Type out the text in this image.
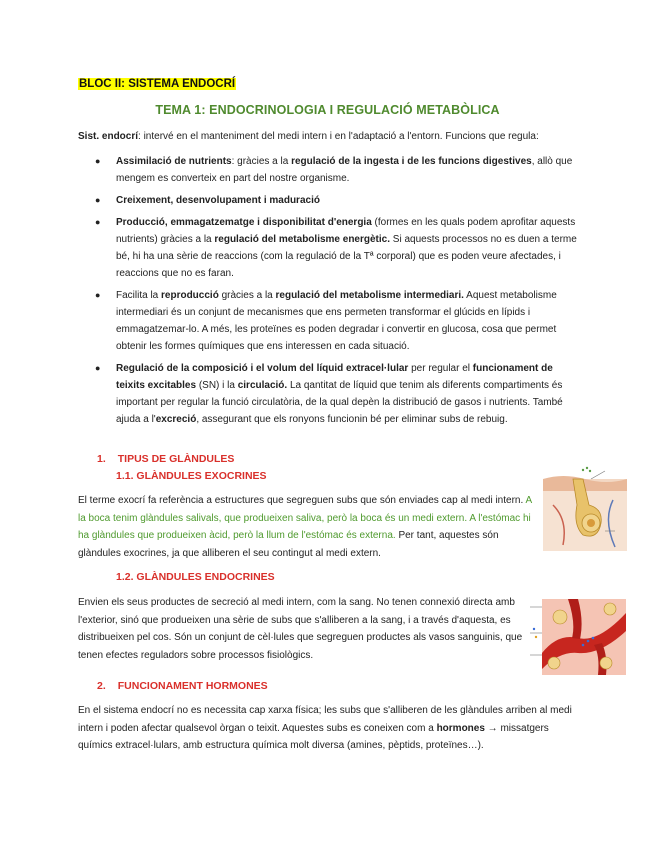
BLOC II: SISTEMA ENDOCRÍ
TEMA 1: ENDOCRINOLOGIA I REGULACIÓ METABÒLICA
Sist. endocrí: intervé en el manteniment del medi intern i en l'adaptació a l'entorn. Funcions que regula:
● Assimilació de nutrients: gràcies a la regulació de la ingesta i de les funcions digestives, allò que mengem es converteix en part del nostre organisme.
● Creixement, desenvolupament i maduració
● Producció, emmagatzematge i disponibilitat d'energia (formes en les quals podem aprofitar aquests nutrients) gràcies a la regulació del metabolisme energètic. Si aquests processos no es duen a terme bé, hi ha una sèrie de reaccions (com la regulació de la Tª corporal) que es poden veure afectades, i reaccions que no es faran.
● Facilita la reproducció gràcies a la regulació del metabolisme intermediari. Aquest metabolisme intermediari és un conjunt de mecanismes que ens permeten transformar el glúcids en lípids i emmagatzemar-lo. A més, les proteïnes es poden degradar i convertir en glucosa, cosa que permet obtenir les formes químiques que ens interessen en cada situació.
● Regulació de la composició i el volum del líquid extracel·lular per regular el funcionament de teixits excitables (SN) i la circulació. La qantitat de líquid que tenim als diferents compartiments és important per regular la funció circulatòria, de la qual depèn la distribució de gasos i nutrients. També ajuda a l'excreció, assegurant que els ronyons funcionin bé per eliminar subs de rebuig.
1. TIPUS DE GLÀNDULES
1.1. GLÀNDULES EXOCRINES
El terme exocrí fa referència a estructures que segreguen subs que són enviades cap al medi intern. A la boca tenim glàndules salivals, que produeixen saliva, però la boca és un medi extern. A l'estómac hi ha glàndules que produeixen àcid, però la llum de l'estómac és externa. Per tant, aquestes són glàndules exocrines, ja que alliberen el seu contingut al medi extern.
1.2. GLÀNDULES ENDOCRINES
Envien els seus productes de secreció al medi intern, com la sang. No tenen connexió directa amb l'exterior, sinó que produeixen una sèrie de subs que s'alliberen a la sang, i a través d'aquesta, es distribueixen pel cos. Són un conjunt de cèl·lules que segreguen productes als vasos sanguinis, que tenen efectes reguladors sobre processos fisiològics.
2. FUNCIONAMENT HORMONES
En el sistema endocrí no es necessita cap xarxa física; les subs que s'alliberen de les glàndules arriben al medi intern i poden afectar qualsevol òrgan o teixit. Aquestes subs es coneixen com a hormones → missatgers químics extracel·lulars, amb estructura química molt diversa (amines, pèptids, proteïnes…).
